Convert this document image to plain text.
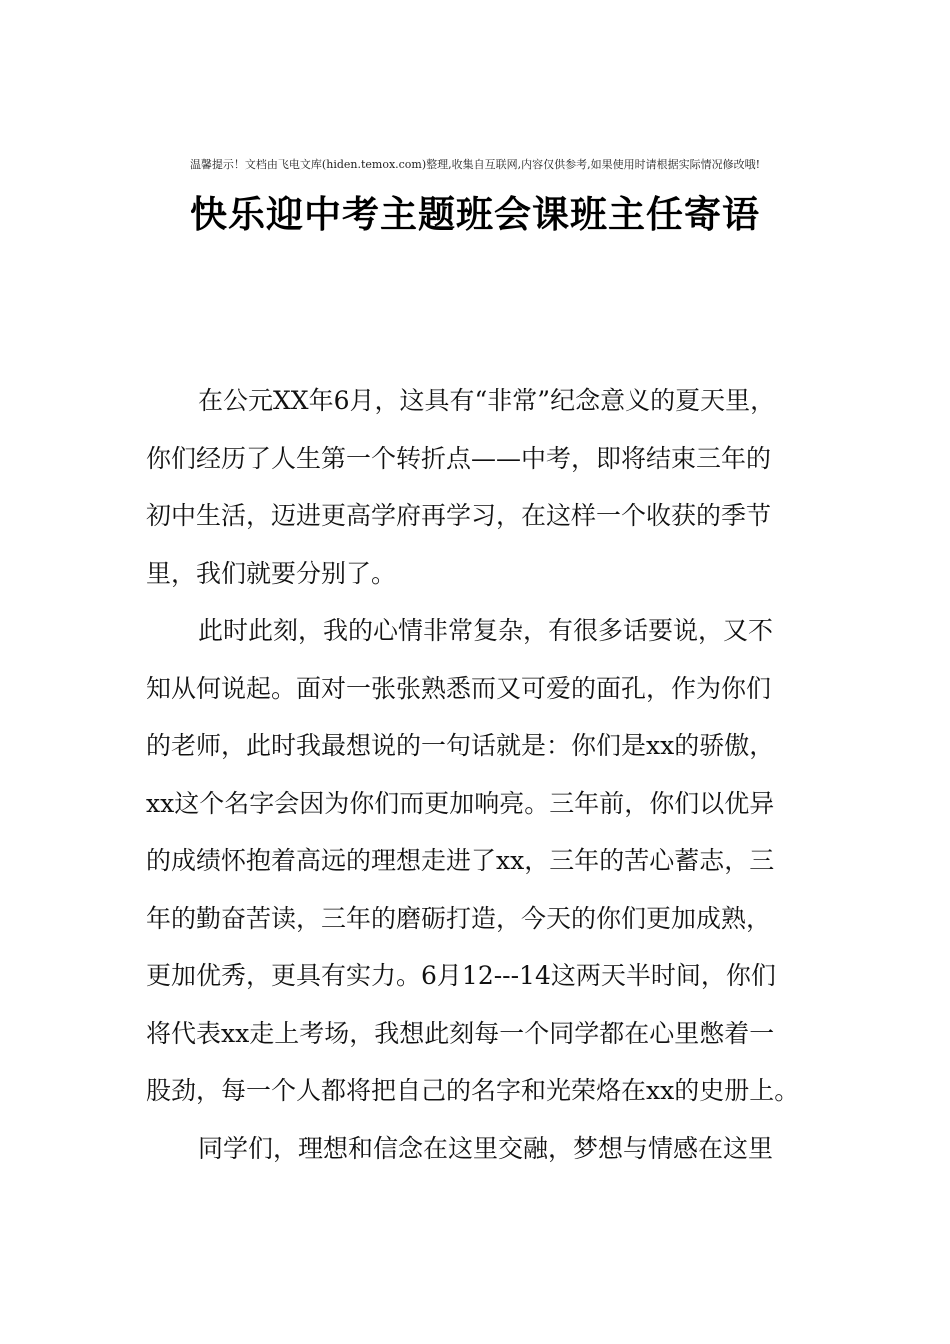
温馨提示！文档由飞电文库(hiden.temox.com)整理,收集自互联网,内容仅供参考,如果使用时请根据实际情况修改哦!
快乐迎中考主题班会课班主任寄语
在公元XX年6月，这具有“非常”纪念意义的夏天里，
你们经历了人生第一个转折点——中考，即将结束三年的
初中生活，迈进更高学府再学习，在这样一个收获的季节
里，我们就要分别了。
此时此刻，我的心情非常复杂，有很多话要说，又不
知从何说起。面对一张张熟悉而又可爱的面孔，作为你们
的老师，此时我最想说的一句话就是：你们是xx的骄傲，
xx这个名字会因为你们而更加响亮。三年前，你们以优异
的成绩怀抱着高远的理想走进了xx，三年的苦心蓄志，三
年的勤奋苦读，三年的磨砺打造，今天的你们更加成熟，
更加优秀，更具有实力。6月12---14这两天半时间，你们
将代表xx走上考场，我想此刻每一个同学都在心里憋着一
股劲，每一个人都将把自己的名字和光荣烙在xx的史册上。
同学们，理想和信念在这里交融，梦想与情感在这里
